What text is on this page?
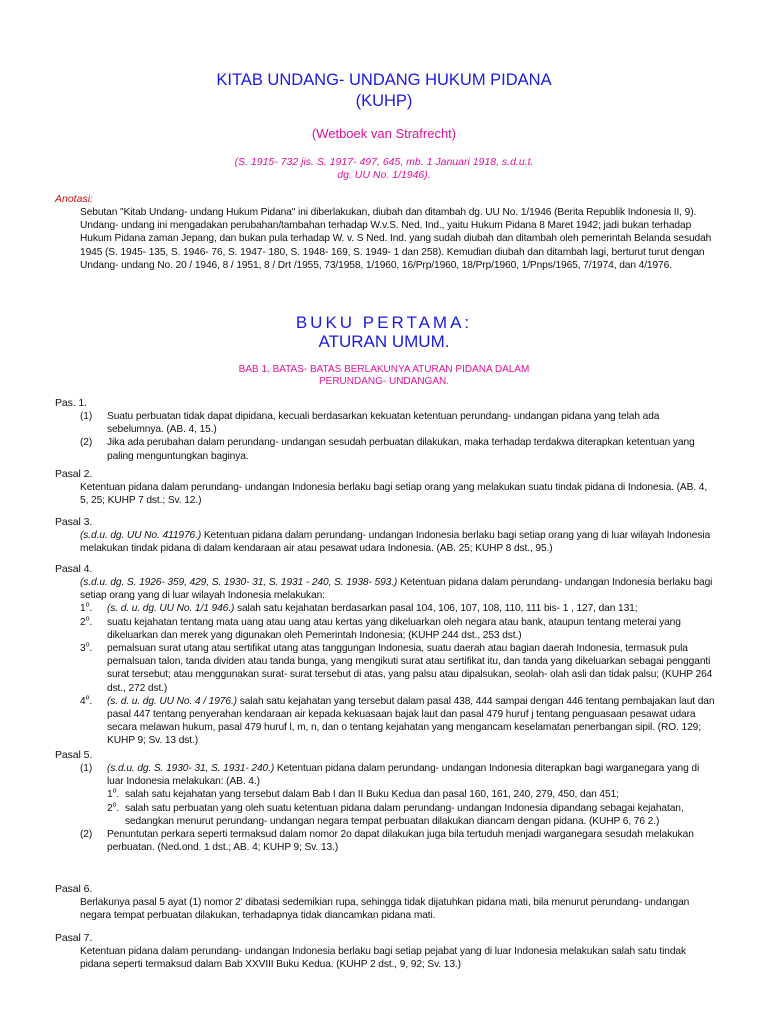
KITAB UNDANG- UNDANG HUKUM PIDANA
(KUHP)
(Wetboek van Strafrecht)
(S. 1915- 732 jis. S. 1917- 497, 645, mb. 1 Januari 1918, s.d.u.t.
dg. UU No. 1/1946).
Anotasi:
Sebutan "Kitab Undang- undang Hukum Pidana" ini diberlakukan, diubah dan ditambah dg. UU No. 1/1946 (Berita Republik Indonesia II, 9). Undang- undang ini mengadakan perubahan/tambahan terhadap W.v.S. Ned. Ind., yaitu Hukum Pidana 8 Maret 1942; jadi bukan terhadap Hukum Pidana zaman Jepang, dan bukan pula terhadap W. v. S Ned. Ind. yang sudah diubah dan ditambah oleh pemerintah Belanda sesudah 1945 (S. 1945- 135, S. 1946- 76, S. 1947- 180, S. 1948- 169, S. 1949- 1 dan 258). Kemudian diubah dan ditambah lagi, berturut turut dengan Undang- undang No. 20 / 1946, 8 / 1951, 8 / Drt /1955, 73/1958, 1/1960, 16/Prp/1960, 18/Prp/1960, 1/Pnps/1965, 7/1974, dan 4/1976.
BUKU PERTAMA:
ATURAN UMUM.
BAB 1. BATAS- BATAS BERLAKUNYA ATURAN PIDANA DALAM
PERUNDANG- UNDANGAN.
Pas. 1.
(1)	Suatu perbuatan tidak dapat dipidana, kecuali berdasarkan kekuatan ketentuan perundang- undangan pidana yang telah ada sebelumnya. (AB. 4, 15.)
(2)	Jika ada perubahan dalam perundang- undangan sesudah perbuatan dilakukan, maka terhadap terdakwa diterapkan ketentuan yang paling menguntungkan baginya.
Pasal 2.
Ketentuan pidana dalam perundang- undangan Indonesia berlaku bagi setiap orang yang melakukan suatu tindak pidana di Indonesia. (AB. 4, 5, 25; KUHP 7 dst.; Sv. 12.)
Pasal 3.
(s.d.u. dg. UU No. 411976.) Ketentuan pidana dalam perundang- undangan Indonesia berlaku bagi setiap orang yang di luar wilayah Indonesia melakukan tindak pidana di dalam kendaraan air atau pesawat udara Indonesia. (AB. 25; KUHP 8 dst., 95.)
Pasal 4.
(s.d.u. dg. S. 1926- 359, 429, S. 1930- 31, S. 1931 - 240, S. 1938- 593.) Ketentuan pidana dalam perundang- undangan Indonesia berlaku bagi setiap orang yang di luar wilayah Indonesia melakukan:
1$^o$.	(s. d. u. dg. UU No. 1/1 946.) salah satu kejahatan berdasarkan pasal 104, 106, 107, 108, 110, 111 bis- 1 , 127, dan 131;
2$^o$.	suatu kejahatan tentang mata uang atau uang atau kertas yang dikeluarkan oleh negara atau bank, ataupun tentang meterai yang dikeluarkan dan merek yang digunakan oleh Pemerintah Indonesia; (KUHP 244 dst., 253 dst.)
3$^o$.	pemalsuan surat utang atau sertifikat utang atas tanggungan Indonesia, suatu daerah atau bagian daerah Indonesia, termasuk pula pemalsuan talon, tanda dividen atau tanda bunga, yang mengikuti surat atau sertifikat itu, dan tanda yang dikeluarkan sebagai pengganti surat tersebut; atau menggunakan surat- surat tersebut di atas, yang palsu atau dipalsukan, seolah- olah asli dan tidak palsu; (KUHP 264 dst., 272 dst.)
4$^o$.	(s. d. u. dg. UU No. 4 / 1976.) salah satu kejahatan yang tersebut dalam pasal 438, 444 sampai dengan 446 tentang pembajakan laut dan pasal 447 tentang penyerahan kendaraan air kepada kekuasaan bajak laut dan pasal 479 huruf j tentang penguasaan pesawat udara secara melawan hukum, pasal 479 huruf l, m, n, dan o tentang kejahatan yang mengancam keselamatan penerbangan sipil. (RO. 129; KUHP 9; Sv. 13 dst.)
Pasal 5.
(1)	(s.d.u. dg. S. 1930- 31, S. 1931- 240.) Ketentuan pidana dalam perundang- undangan Indonesia diterapkan bagi warganegara yang di luar Indonesia melakukan: (AB. 4.)
1$^o$. salah satu kejahatan yang tersebut dalam Bab I dan II Buku Kedua dan pasal 160, 161, 240, 279, 450, dan 451;
2$^o$. salah satu perbuatan yang oleh suatu ketentuan pidana dalam perundang- undangan Indonesia dipandang sebagai kejahatan, sedangkan menurut perundang- undangan negara tempat perbuatan dilakukan diancam dengan pidana. (KUHP 6, 76 2.)
(2)	Penuntutan perkara seperti termaksud dalam nomor 2o dapat dilakukan juga bila tertuduh menjadi warganegara sesudah melakukan perbuatan. (Ned.ond. 1 dst.; AB. 4; KUHP 9; Sv. 13.)
Pasal 6.
Berlakunya pasal 5 ayat (1) nomor 2' dibatasi sedemikian rupa, sehingga tidak dijatuhkan pidana mati, bila menurut perundang- undangan negara tempat perbuatan dilakukan, terhadapnya tidak diancamkan pidana mati.
Pasal 7.
Ketentuan pidana dalam perundang- undangan Indonesia berlaku bagi setiap pejabat yang di luar Indonesia melakukan salah satu tindak pidana seperti termaksud dalam Bab XXVIII Buku Kedua. (KUHP 2 dst., 9, 92; Sv. 13.)
